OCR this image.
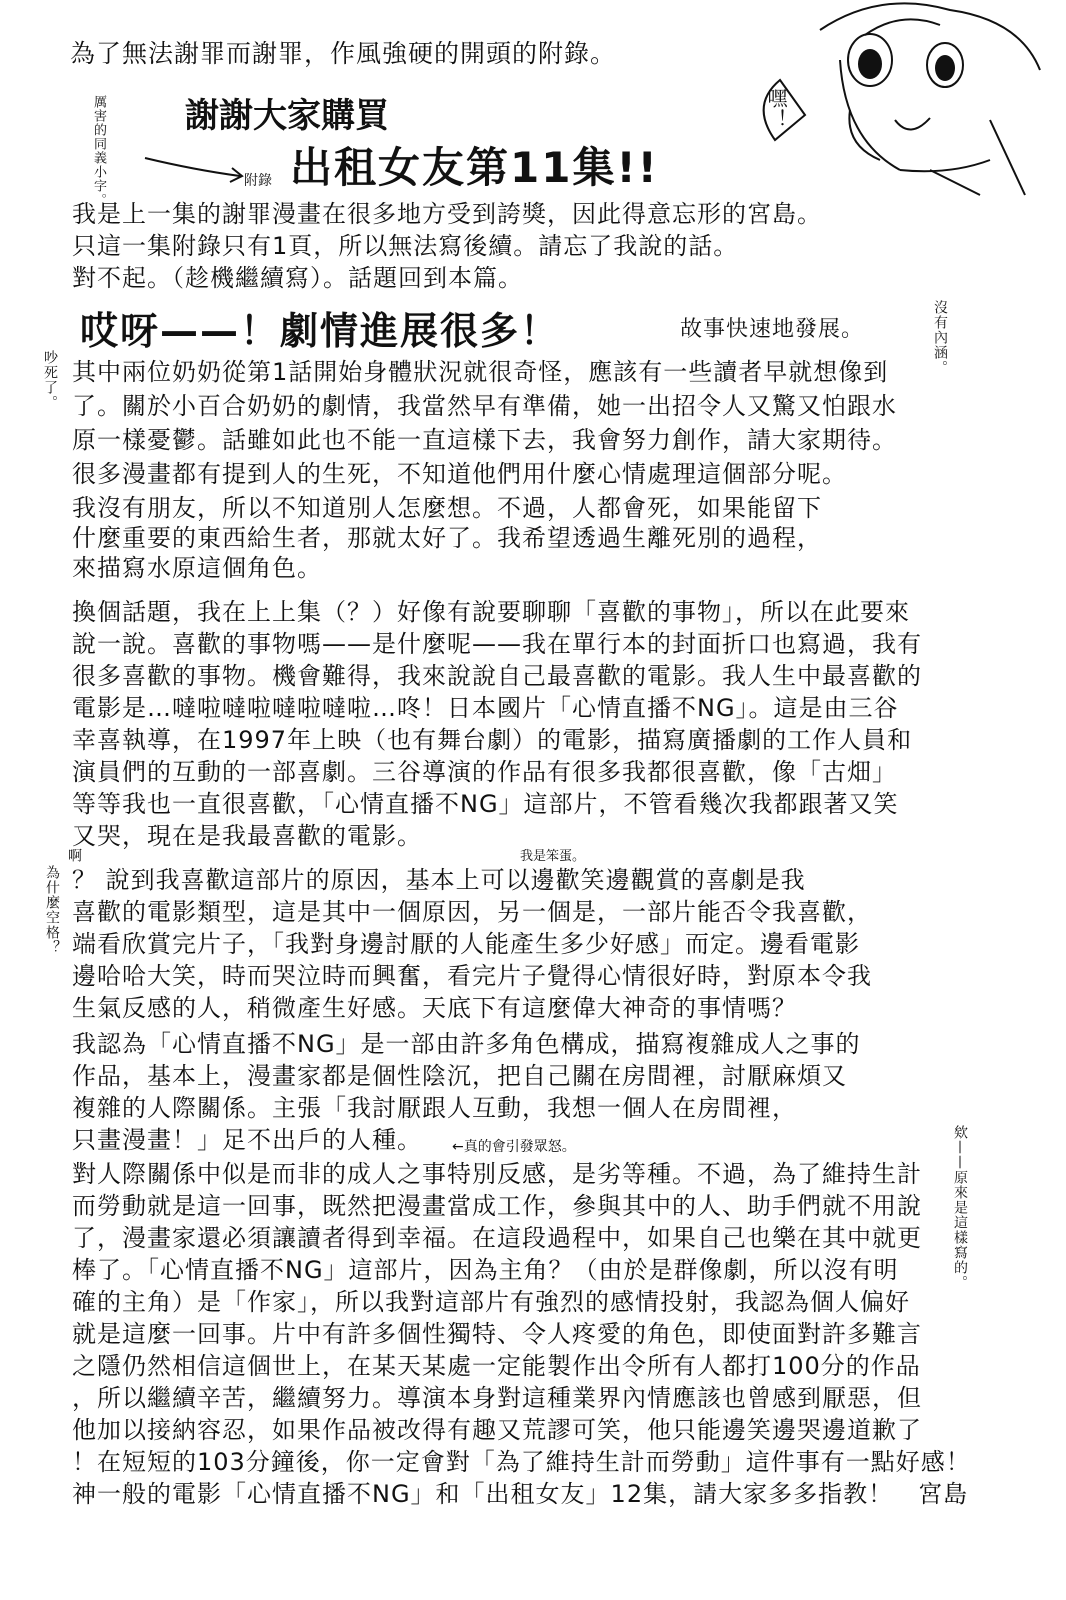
為了無法謝罪而謝罪，作風強硬的開頭的附錄。
厲害的同義小字。 謝謝大家購買
附錄 出租女友第11集!!
嘿！
我是上一集的謝罪漫畫在很多地方受到誇獎，因此得意忘形的宮島。
只這一集附錄只有1頁，所以無法寫後續。請忘了我說的話。
對不起。（趁機繼續寫）。話題回到本篇。
哎呀——！劇情進展很多！	故事快速地發展。	沒有內涵。
吵死了。 其中兩位奶奶從第1話開始身體狀況就很奇怪，應該有一些讀者早就想像到
了。關於小百合奶奶的劇情，我當然早有準備，她一出招令人又驚又怕跟水
原一樣憂鬱。話雖如此也不能一直這樣下去，我會努力創作，請大家期待。
很多漫畫都有提到人的生死，不知道他們用什麼心情處理這個部分呢。
我沒有朋友，所以不知道別人怎麼想。不過，人都會死，如果能留下
什麼重要的東西給生者，那就太好了。我希望透過生離死別的過程，
來描寫水原這個角色。
換個話題，我在上上集（？）好像有說要聊聊「喜歡的事物」，所以在此要來
說一說。喜歡的事物嗎——是什麼呢——我在單行本的封面折口也寫過，我有
很多喜歡的事物。機會難得，我來說說自己最喜歡的電影。我人生中最喜歡的
電影是…噠啦噠啦噠啦噠啦…咚！日本國片「心情直播不NG」。這是由三谷
幸喜執導，在1997年上映（也有舞台劇）的電影，描寫廣播劇的工作人員和
演員們的互動的一部喜劇。三谷導演的作品有很多我都很喜歡，像「古畑」
等等我也一直很喜歡，「心情直播不NG」這部片，不管看幾次我都跟著又笑
又哭，現在是我最喜歡的電影。
我是笨蛋。
啊
為什麼空格？ ？ 說到我喜歡這部片的原因，基本上可以邊歡笑邊觀賞的喜劇是我
喜歡的電影類型，這是其中一個原因，另一個是，一部片能否令我喜歡，
端看欣賞完片子，「我對身邊討厭的人能產生多少好感」而定。邊看電影
邊哈哈大笑，時而哭泣時而興奮，看完片子覺得心情很好時，對原本令我
生氣反感的人，稍微產生好感。天底下有這麼偉大神奇的事情嗎？
我認為「心情直播不NG」是一部由許多角色構成，描寫複雜成人之事的
作品，基本上，漫畫家都是個性陰沉，把自己關在房間裡，討厭麻煩又
複雜的人際關係。主張「我討厭跟人互動，我想一個人在房間裡，
只畫漫畫！」足不出戶的人種。 ←真的會引發眾怒。	欸——原來是這樣寫的。
對人際關係中似是而非的成人之事特別反感，是劣等種。不過，為了維持生計
而勞動就是這一回事，既然把漫畫當成工作，參與其中的人、助手們就不用說
了，漫畫家還必須讓讀者得到幸福。在這段過程中，如果自己也樂在其中就更
棒了。「心情直播不NG」這部片，因為主角？（由於是群像劇，所以沒有明
確的主角）是「作家」，所以我對這部片有強烈的感情投射，我認為個人偏好
就是這麼一回事。片中有許多個性獨特、令人疼愛的角色，即使面對許多難言
之隱仍然相信這個世上，在某天某處一定能製作出令所有人都打100分的作品
，所以繼續辛苦，繼續努力。導演本身對這種業界內情應該也曾感到厭惡，但
他加以接納容忍，如果作品被改得有趣又荒謬可笑，他只能邊笑邊哭邊道歉了
！在短短的103分鐘後，你一定會對「為了維持生計而勞動」這件事有一點好感！
神一般的電影「心情直播不NG」和「出租女友」12集，請大家多多指教！　宮島
